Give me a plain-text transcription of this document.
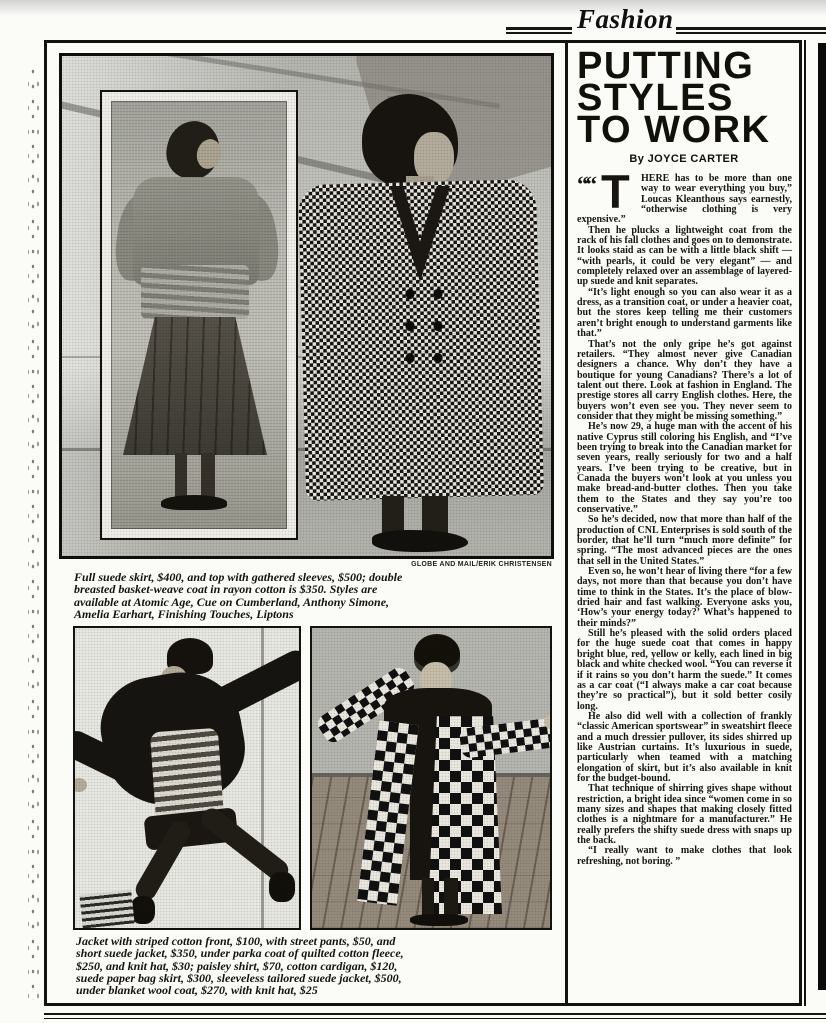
Fashion
GLOBE AND MAIL/ERIK CHRISTENSEN
Full suede skirt, $400, and top with gathered sleeves, $500; double
breasted basket-weave coat in rayon cotton is $350. Styles are
available at Atomic Age, Cue on Cumberland, Anthony Simone,
Amelia Earhart, Finishing Touches, Liptons
Jacket with striped cotton front, $100, with street pants, $50, and
short suede jacket, $350, under parka coat of quilted cotton fleece,
$250, and knit hat, $30; paisley shirt, $70, cotton cardigan, $120,
suede paper bag skirt, $300, sleeveless tailored suede jacket, $500,
under blanket wool coat, $270, with knit hat, $25
PUTTING
STYLES
TO WORK
By JOYCE CARTER

““ T HERE has to be more than one way to wear everything you buy,” Loucas Kleanthous says earnestly, “otherwise clothing is very expensive.”

Then he plucks a lightweight coat from the rack of his fall clothes and goes on to demonstrate. It looks staid as can be with a little black shift — “with pearls, it could be very elegant” — and completely relaxed over an assemblage of layered-up suede and knit separates.

“It’s light enough so you can also wear it as a dress, as a transition coat, or under a heavier coat, but the stores keep telling me their customers aren’t bright enough to understand garments like that.”

That’s not the only gripe he’s got against retailers. “They almost never give Canadian designers a chance. Why don’t they have a boutique for young Canadians? There’s a lot of talent out there. Look at fashion in England. The prestige stores all carry English clothes. Here, the buyers won’t even see you. They never seem to consider that they might be missing something.”

He’s now 29, a huge man with the accent of his native Cyprus still coloring his English, and “I’ve been trying to break into the Canadian market for seven years, really seriously for two and a half years. I’ve been trying to be creative, but in Canada the buyers won’t look at you unless you make bread-and-butter clothes. Then you take them to the States and they say you’re too conservative.”

So he’s decided, now that more than half of the production of CNL Enterprises is sold south of the border, that he’ll turn “much more definite” for spring. “The most advanced pieces are the ones that sell in the United States.”

Even so, he won’t hear of living there “for a few days, not more than that because you don’t have time to think in the States. It’s the place of blow-dried hair and fast walking. Everyone asks you, ‘How’s your energy today?’ What’s happened to their minds?”

Still he’s pleased with the solid orders placed for the huge suede coat that comes in happy bright blue, red, yellow or kelly, each lined in big black and white checked wool. “You can reverse it if it rains so you don’t harm the suede.” It comes as a car coat (“I always make a car coat because they’re so practical”), but it sold better cosily long.

He also did well with a collection of frankly “classic American sportswear” in sweatshirt fleece and a much dressier pullover, its sides shirred up like Austrian curtains. It’s luxurious in suede, particularly when teamed with a matching elongation of skirt, but it’s also available in knit for the budget-bound.

That technique of shirring gives shape without restriction, a bright idea since “women come in so many sizes and shapes that making closely fitted clothes is a nightmare for a manufacturer.” He really prefers the shifty suede dress with snaps up the back.

“I really want to make clothes that look refreshing, not boring. ”
